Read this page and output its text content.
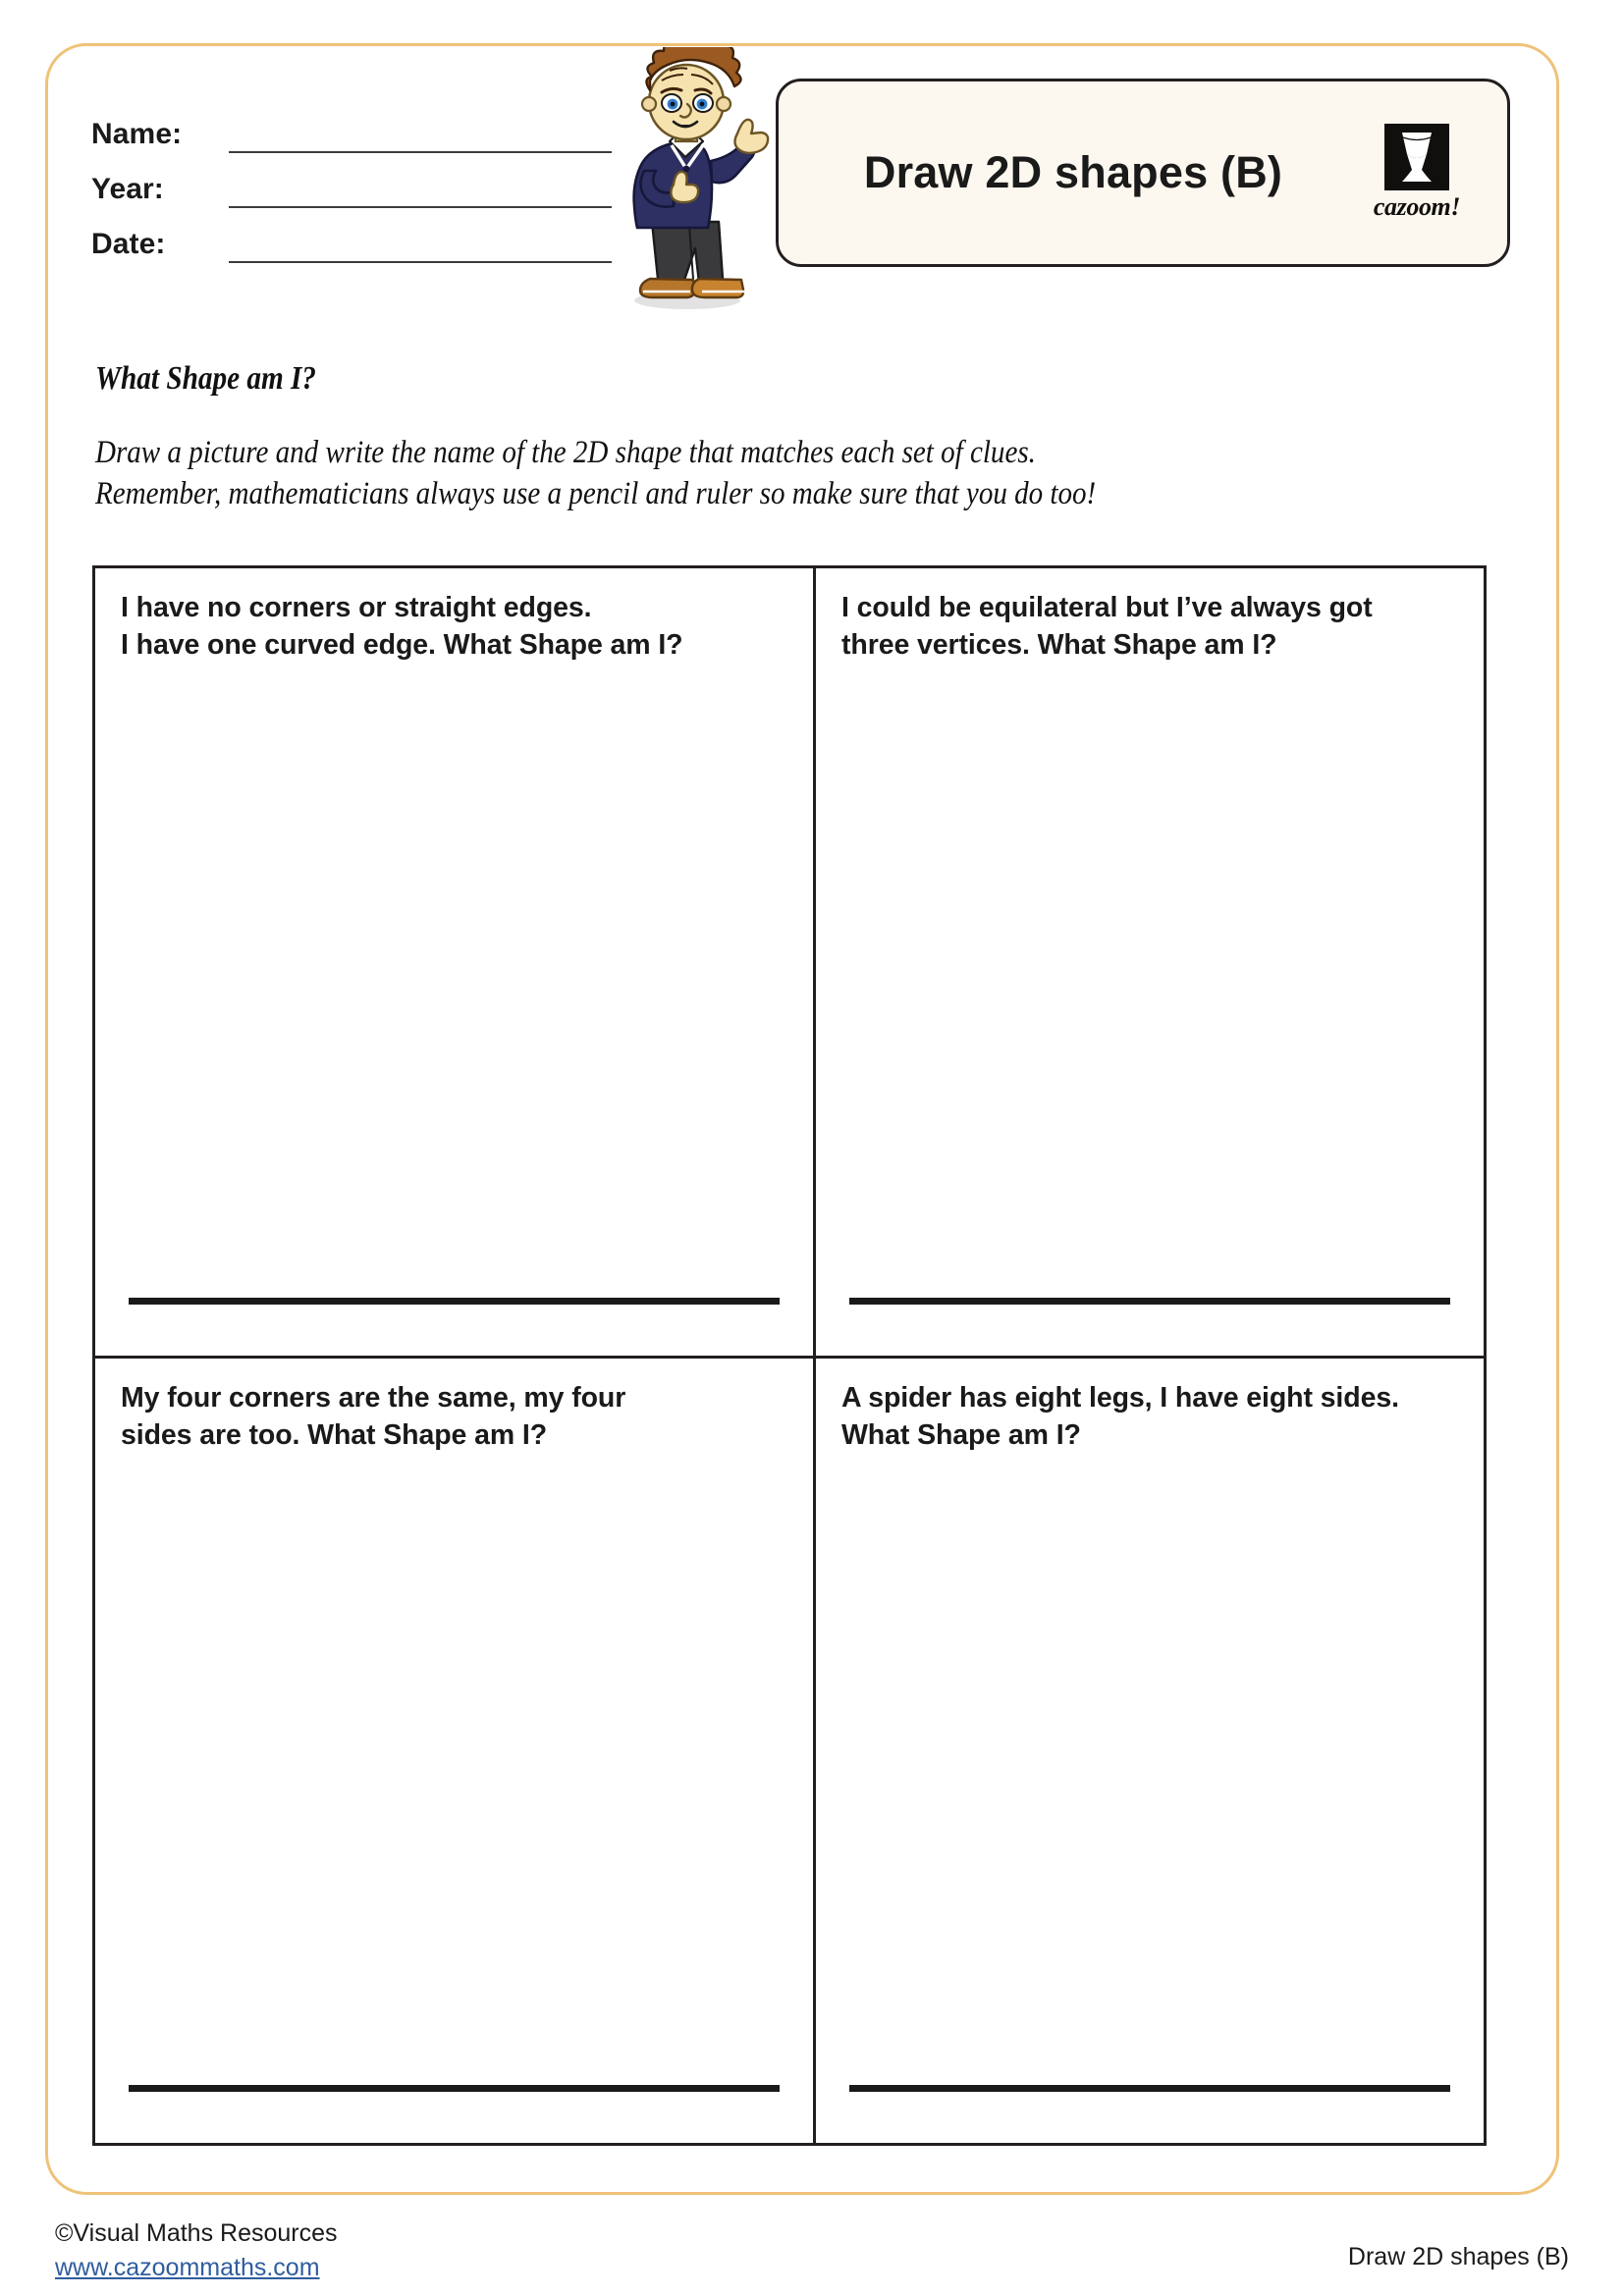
Name:
Year:
Date:
Draw 2D shapes (B)
cazoom!
What Shape am I?
Draw a picture and write the name of the 2D shape that matches each set of clues.
Remember, mathematicians always use a pencil and ruler so make sure that you do too!
I have no corners or straight edges.
I have one curved edge. What Shape am I?
I could be equilateral but I’ve always got
three vertices. What Shape am I?
My four corners are the same, my four
sides are too. What Shape am I?
A spider has eight legs, I have eight sides.
What Shape am I?
©Visual Maths Resources
www.cazoommaths.com	Draw 2D shapes (B)
